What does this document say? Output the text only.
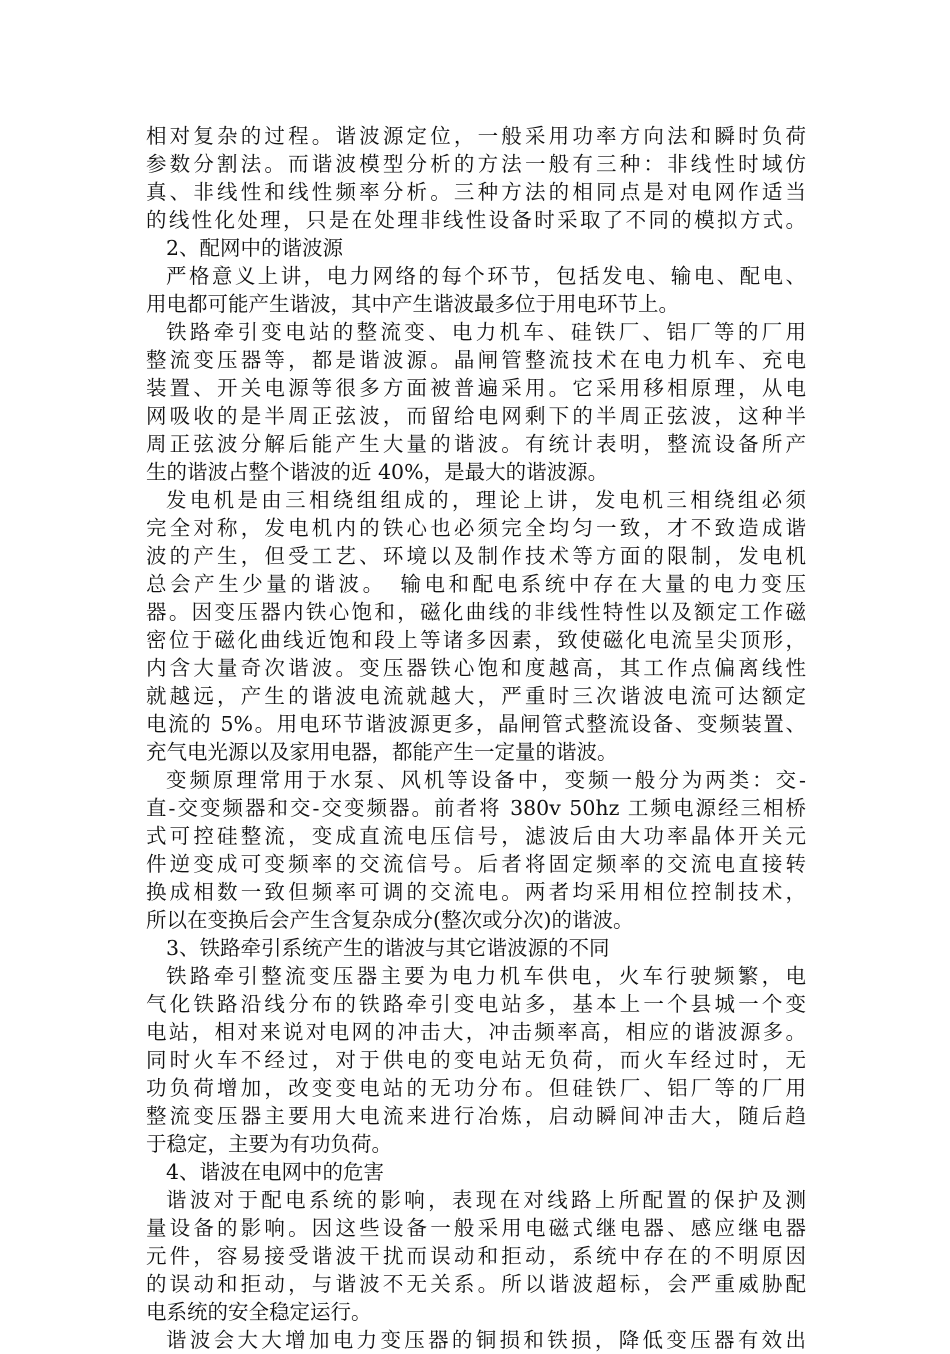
相对复杂的过程。谐波源定位，一般采用功率方向法和瞬时负荷
参数分割法。而谐波模型分析的方法一般有三种：非线性时域仿
真、非线性和线性频率分析。三种方法的相同点是对电网作适当
的线性化处理，只是在处理非线性设备时采取了不同的模拟方式。
2、配网中的谐波源
严格意义上讲，电力网络的每个环节，包括发电、输电、配电、
用电都可能产生谐波，其中产生谐波最多位于用电环节上。
铁路牵引变电站的整流变、电力机车、硅铁厂、铝厂等的厂用
整流变压器等，都是谐波源。晶闸管整流技术在电力机车、充电
装置、开关电源等很多方面被普遍采用。它采用移相原理，从电
网吸收的是半周正弦波，而留给电网剩下的半周正弦波，这种半
周正弦波分解后能产生大量的谐波。有统计表明，整流设备所产
生的谐波占整个谐波的近 40%，是最大的谐波源。
发电机是由三相绕组组成的，理论上讲，发电机三相绕组必须
完全对称，发电机内的铁心也必须完全均匀一致，才不致造成谐
波的产生，但受工艺、环境以及制作技术等方面的限制，发电机
总会产生少量的谐波。　输电和配电系统中存在大量的电力变压
器。因变压器内铁心饱和，磁化曲线的非线性特性以及额定工作磁
密位于磁化曲线近饱和段上等诸多因素，致使磁化电流呈尖顶形，
内含大量奇次谐波。变压器铁心饱和度越高，其工作点偏离线性
就越远，产生的谐波电流就越大，严重时三次谐波电流可达额定
电流的 5%。用电环节谐波源更多，晶闸管式整流设备、变频装置、
充气电光源以及家用电器，都能产生一定量的谐波。
变频原理常用于水泵、风机等设备中，变频一般分为两类：交-
直-交变频器和交-交变频器。前者将 380v 50hz 工频电源经三相桥
式可控硅整流，变成直流电压信号，滤波后由大功率晶体开关元
件逆变成可变频率的交流信号。后者将固定频率的交流电直接转
换成相数一致但频率可调的交流电。两者均采用相位控制技术，
所以在变换后会产生含复杂成分(整次或分次)的谐波。
3、铁路牵引系统产生的谐波与其它谐波源的不同
铁路牵引整流变压器主要为电力机车供电，火车行驶频繁，电
气化铁路沿线分布的铁路牵引变电站多，基本上一个县城一个变
电站，相对来说对电网的冲击大，冲击频率高，相应的谐波源多。
同时火车不经过，对于供电的变电站无负荷，而火车经过时，无
功负荷增加，改变变电站的无功分布。但硅铁厂、铝厂等的厂用
整流变压器主要用大电流来进行冶炼，启动瞬间冲击大，随后趋
于稳定，主要为有功负荷。
4、谐波在电网中的危害
谐波对于配电系统的影响，表现在对线路上所配置的保护及测
量设备的影响。因这些设备一般采用电磁式继电器、感应继电器
元件，容易接受谐波干扰而误动和拒动，系统中存在的不明原因
的误动和拒动，与谐波不无关系。所以谐波超标，会严重威胁配
电系统的安全稳定运行。
谐波会大大增加电力变压器的铜损和铁损，降低变压器有效出
